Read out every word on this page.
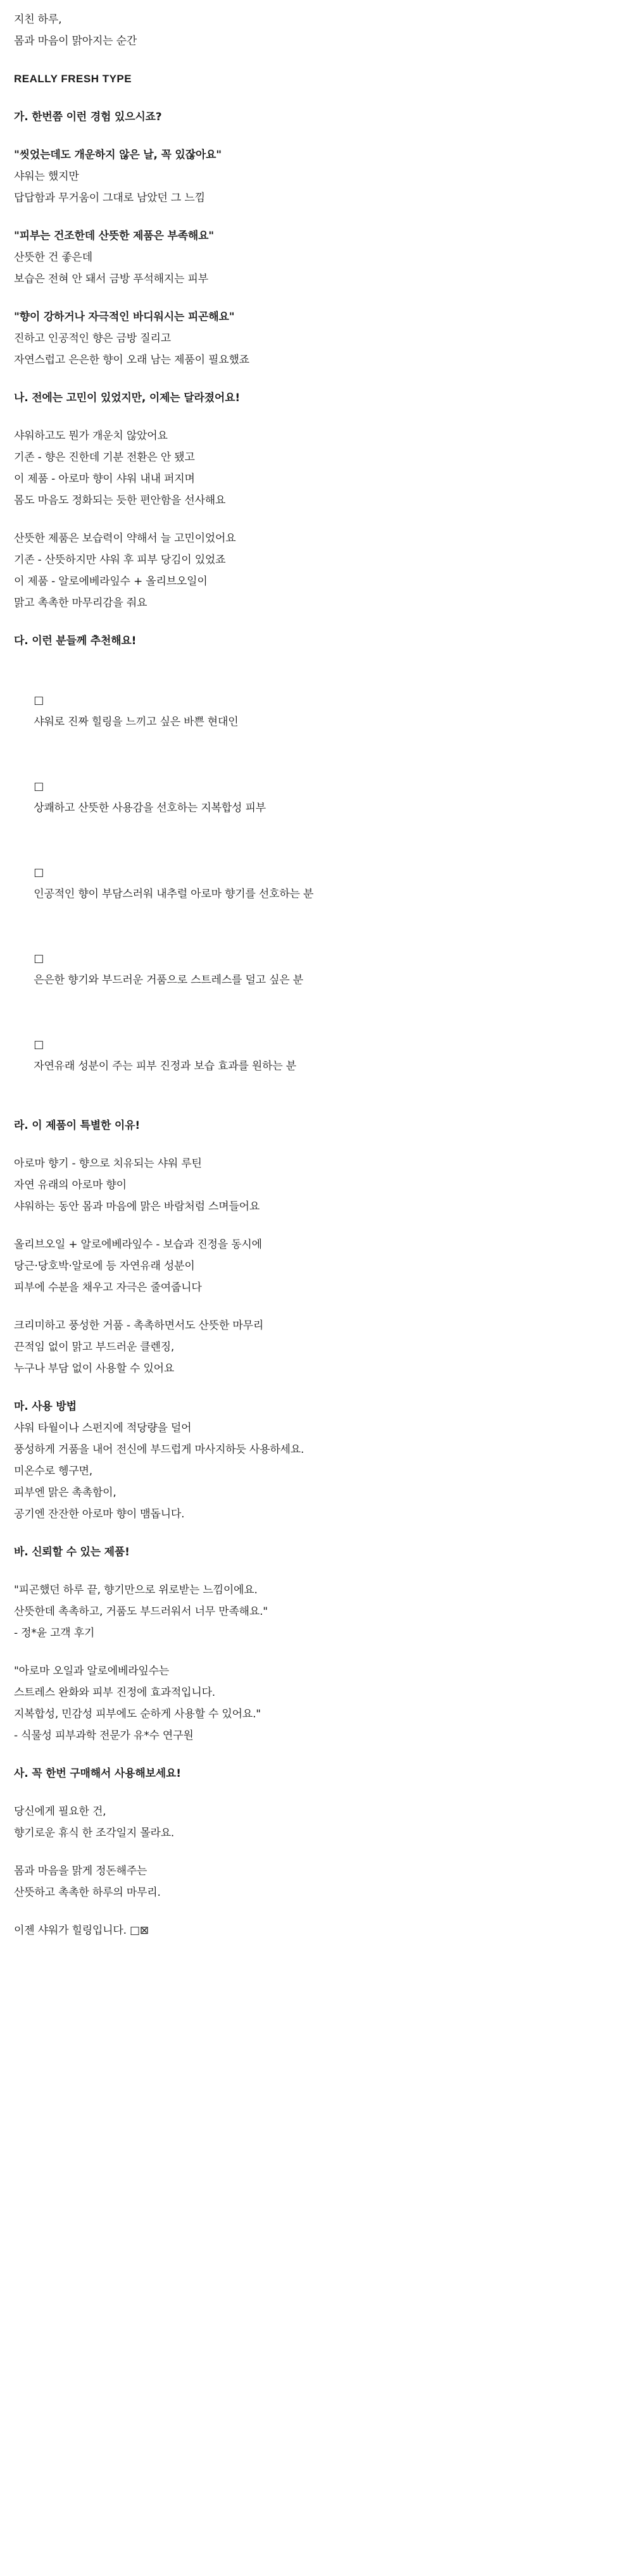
지친 하루,
몸과 마음이 맑아지는 순간
REALLY FRESH TYPE
가. 한번쯤 이런 경험 있으시죠?
"씻었는데도 개운하지 않은 날, 꼭 있잖아요"
샤워는 했지만
답답함과 무거움이 그대로 남았던 그 느낌
"피부는 건조한데 산뜻한 제품은 부족해요"
산뜻한 건 좋은데
보습은 전혀 안 돼서 금방 푸석해지는 피부
"향이 강하거나 자극적인 바디워시는 피곤해요"
진하고 인공적인 향은 금방 질리고
자연스럽고 은은한 향이 오래 남는 제품이 필요했죠
나. 전에는 고민이 있었지만, 이제는 달라졌어요!
샤워하고도 뭔가 개운치 않았어요
기존 - 향은 진한데 기분 전환은 안 됐고
이 제품 - 아로마 향이 샤워 내내 퍼지며
몸도 마음도 정화되는 듯한 편안함을 선사해요
산뜻한 제품은 보습력이 약해서 늘 고민이었어요
기존 - 산뜻하지만 샤워 후 피부 당김이 있었죠
이 제품 - 알로에베라잎수 + 올리브오일이
맑고 촉촉한 마무리감을 줘요
다. 이런 분들께 추천해요!

□
샤워로 진짜 힐링을 느끼고 싶은 바쁜 현대인

□
상쾌하고 산뜻한 사용감을 선호하는 지복합성 피부

□
인공적인 향이 부담스러워 내추럴 아로마 향기를 선호하는 분

□
은은한 향기와 부드러운 거품으로 스트레스를 덜고 싶은 분

□
자연유래 성분이 주는 피부 진정과 보습 효과를 원하는 분

라. 이 제품이 특별한 이유!
아로마 향기 - 향으로 치유되는 샤워 루틴
자연 유래의 아로마 향이
샤워하는 동안 몸과 마음에 맑은 바람처럼 스며들어요
올리브오일 + 알로에베라잎수 - 보습과 진정을 동시에
당근·당호박·알로에 등 자연유래 성분이
피부에 수분을 채우고 자극은 줄여줍니다
크리미하고 풍성한 거품 - 촉촉하면서도 산뜻한 마무리
끈적임 없이 맑고 부드러운 클렌징,
누구나 부담 없이 사용할 수 있어요
마. 사용 방법
샤워 타월이나 스펀지에 적당량을 덜어
풍성하게 거품을 내어 전신에 부드럽게 마사지하듯 사용하세요.
미온수로 헹구면,
피부엔 맑은 촉촉함이,
공기엔 잔잔한 아로마 향이 맴돕니다.
바. 신뢰할 수 있는 제품!
"피곤했던 하루 끝, 향기만으로 위로받는 느낌이에요.
산뜻한데 촉촉하고, 거품도 부드러워서 너무 만족해요."
- 정*윤 고객 후기
"아로마 오일과 알로에베라잎수는
스트레스 완화와 피부 진정에 효과적입니다.
지복합성, 민감성 피부에도 순하게 사용할 수 있어요."
- 식물성 피부과학 전문가 유*수 연구원
사. 꼭 한번 구매해서 사용해보세요!
당신에게 필요한 건,
향기로운 휴식 한 조각일지 몰라요.
몸과 마음을 맑게 정돈해주는
산뜻하고 촉촉한 하루의 마무리.
이젠 샤워가 힐링입니다. □⊠
